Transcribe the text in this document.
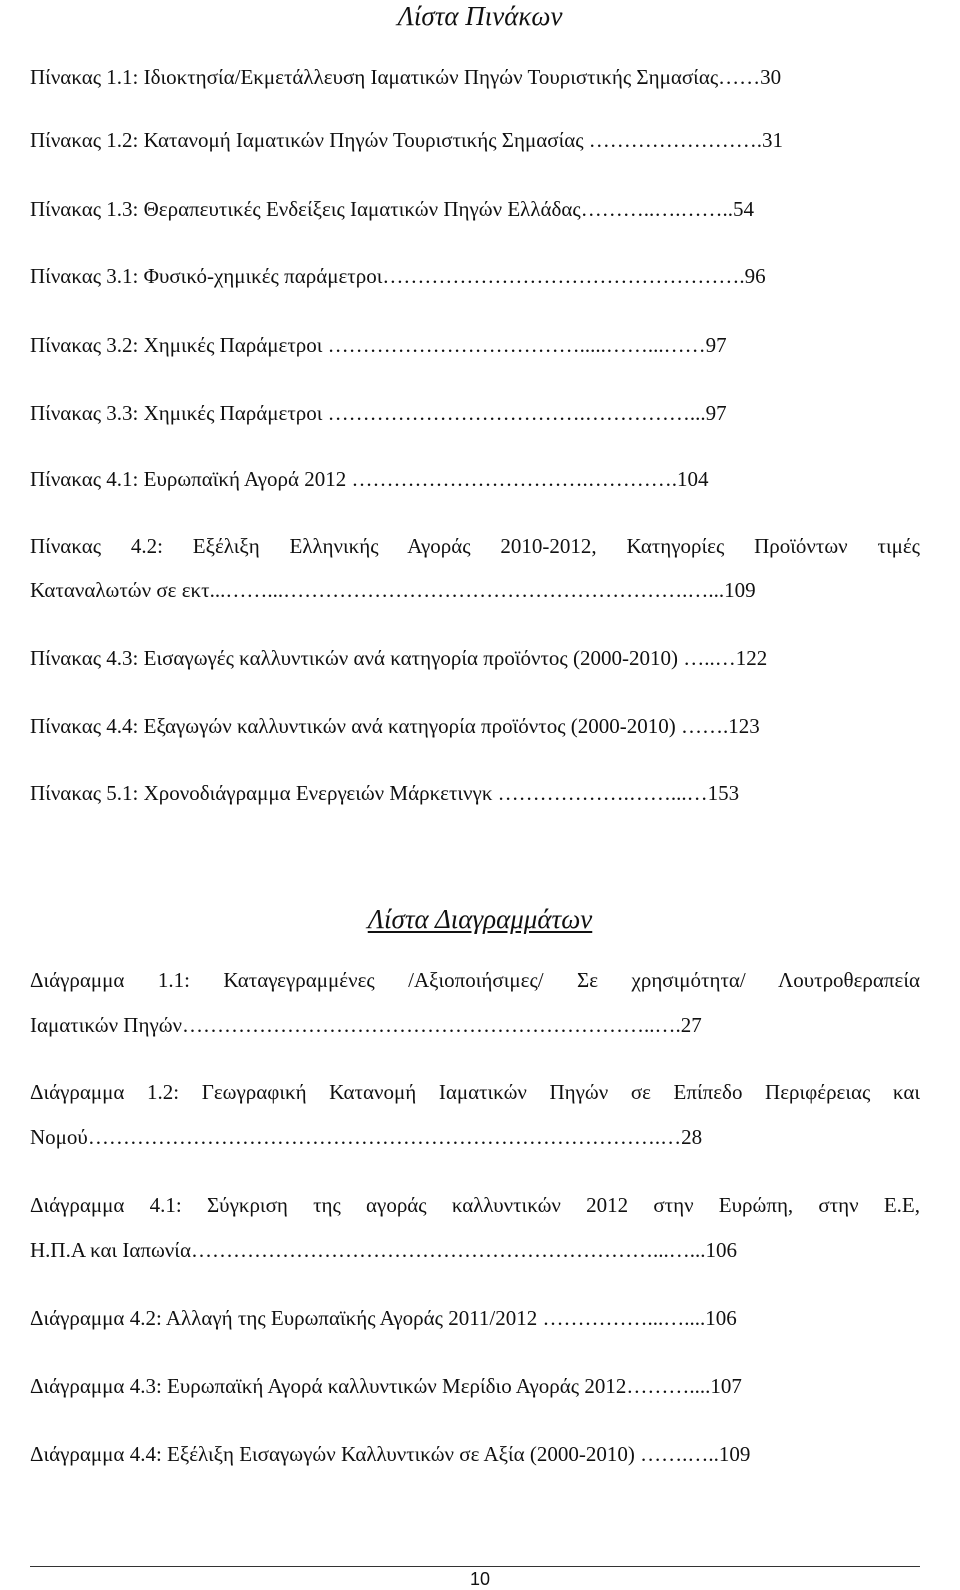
Λίστα Πινάκων
Πίνακας 1.1: Ιδιοκτησία/Εκμετάλλευση Ιαματικών Πηγών Τουριστικής Σημασίας……30
Πίνακας 1.2: Κατανομή Ιαματικών Πηγών Τουριστικής Σημασίας …………………….31
Πίνακας 1.3: Θεραπευτικές Ενδείξεις Ιαματικών Πηγών Ελλάδας………..….……..54
Πίνακας 3.1: Φυσικό-χημικές παράμετροι…………………………………………….96
Πίνακας 3.2: Χημικές Παράμετροι ……………………………….....……...……97
Πίνακας 3.3: Χημικές Παράμετροι ……………………………….……………...97
Πίνακας 4.1: Ευρωπαϊκή Αγορά 2012 …………………………….………….104
Πίνακας 4.2: Εξέλιξη Ελληνικής Αγοράς 2010-2012, Κατηγορίες Προϊόντων τιμές
Καταναλωτών σε εκτ...……...………………………………………………….…...109
Πίνακας 4.3: Εισαγωγές καλλυντικών ανά κατηγορία προϊόντος (2000-2010) …..…122
Πίνακας 4.4: Εξαγωγών καλλυντικών ανά κατηγορία προϊόντος (2000-2010) …….123
Πίνακας 5.1: Χρονοδιάγραμμα Ενεργειών Μάρκετινγκ ……………….……...…153
Λίστα Διαγραμμάτων
Διάγραμμα 1.1: Καταγεγραμμένες /Αξιοποιήσιμες/ Σε χρησιμότητα/ Λουτροθεραπεία
Ιαματικών Πηγών…………………………………………………………..….27
Διάγραμμα 1.2: Γεωγραφική Κατανομή Ιαματικών Πηγών σε Επίπεδο Περιφέρειας και
Νομού……………………………………………………………………….…28
Διάγραμμα 4.1: Σύγκριση της αγοράς καλλυντικών 2012 στην Ευρώπη, στην Ε.Ε,
Η.Π.Α και Ιαπωνία…………………………………………………………...…...106
Διάγραμμα 4.2: Αλλαγή της Ευρωπαϊκής Αγοράς 2011/2012 ……………...…....106
Διάγραμμα 4.3: Ευρωπαϊκή Αγορά καλλυντικών Μερίδιο Αγοράς 2012………....107
Διάγραμμα 4.4: Εξέλιξη Εισαγωγών Καλλυντικών σε Αξία (2000-2010) …….…..109
10
